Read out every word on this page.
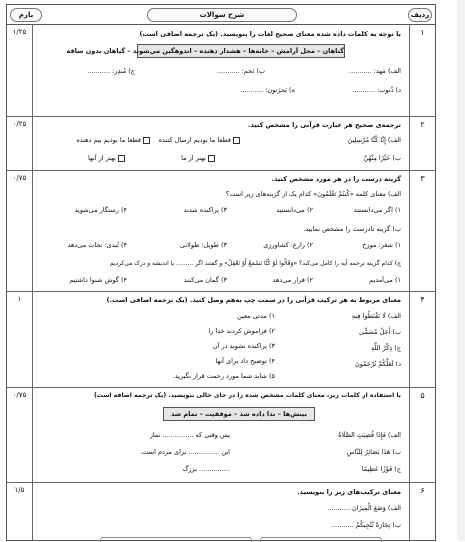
بارم	شرح سوالات	ردیف
۱
۱/۲۵	با توجه به کلمات داده شده معنای صحیح لغات را بنویسید. (یک ترجمه اضافی است)
گناهان – محل آرامش – خانه‌ها – هشدار دهنده – اندوهگین می‌شوند – گیاهان بدون ساقه
الف) مَهد: ...........
ب) نَجم: ...........
ج) مُنذِر: ...........
د) ذُنوب: ...........
ه) یَحزَنون: ...........
۲
۰/۲۵	ترجمه‌ی صحیح هر عبارت قرآنی را مشخص کنید.
الف) إِنَّا كُنَّا مُرْسِلِينَ
قطعا ما بودیم ارسال کننده
قطعا ما بودیم بیم دهنده
ب) خَيْرًا مِنْهُنَّ
بهتر از ما
بهتر از آنها
۳
۰/۷۵	گزینه درست را در هر مورد مشخص کنید.
الف) معنای کلمه «كُنتُمْ تَعْلَمُونَ» کدام یک از گزینه‌های زیر است؟
۱) اگر می‌دانستند
۲) می‌دانستید
۳) پراکنده شدند
۴) رستگار می‌شوید
ب) گزینه نادرست را مشخص نمایید.
۱) شعر: موزخ
۲) زارع: کشاورزی
۳) طویل: طولانی
۴) تُبدی: نجات می‌دهد
ج) کدام گزینه ترجمه آیه را کامل می‌کند؟ «وَقَالُوا لَوْ كُنَّا نَسْمَعُ أَوْ نَعْقِلُ» و گفتند اگر ......... یا اندیشه و درک می‌کردیم
۱) می‌آمدیم
۲) قرار می‌دهد
۳) گمان می‌کنند
۴) گوش شنوا داشتیم
۴
۱	معنای مربوط به هر ترکیب قرآنی را در سمت چپ به‌هم وصل کنید. (یک ترجمه اضافی است.)
الف) لَا تَقْنَطُوا فِيهِ
ب) أَجَلٌ مُسَمًّى
ج) ذِكْرُ اللَّهِ
د) لَعَلَّكُمْ تُرْحَمُونَ
۱) مدتی معین
۲) فراموش کردند خدا را
۳) پراکنده نشوید در آن
۴) توضیح داد برای آنها
۵) شاید شما مورد رحمت قرار بگیرید.
۵
۰/۷۵	با استفاده از کلمات زیر، معنای کلمات مشخص شده را در جای خالی بنویسید. (یک ترجمه اضافه است)
بینش‌ها – ندا داده شد – موفقیت – تمام شد
الف) فَإِذَا قُضِيَتِ الصَّلَاةُ
پس وقتی که ............... نماز
ب) هَذَا بَصَائِرُ لِلنَّاسِ
این ............... برای مردم است.
ج) فَوْزًا عَظِيمًا
............... بزرگ
۶
۱/۵	معنای ترکیب‌های زیر را بنویسید.
الف) وَضَعَ الْمِيزَانَ ...........
ب) تِجَارَةً تُنْجِيكُمْ ...........
